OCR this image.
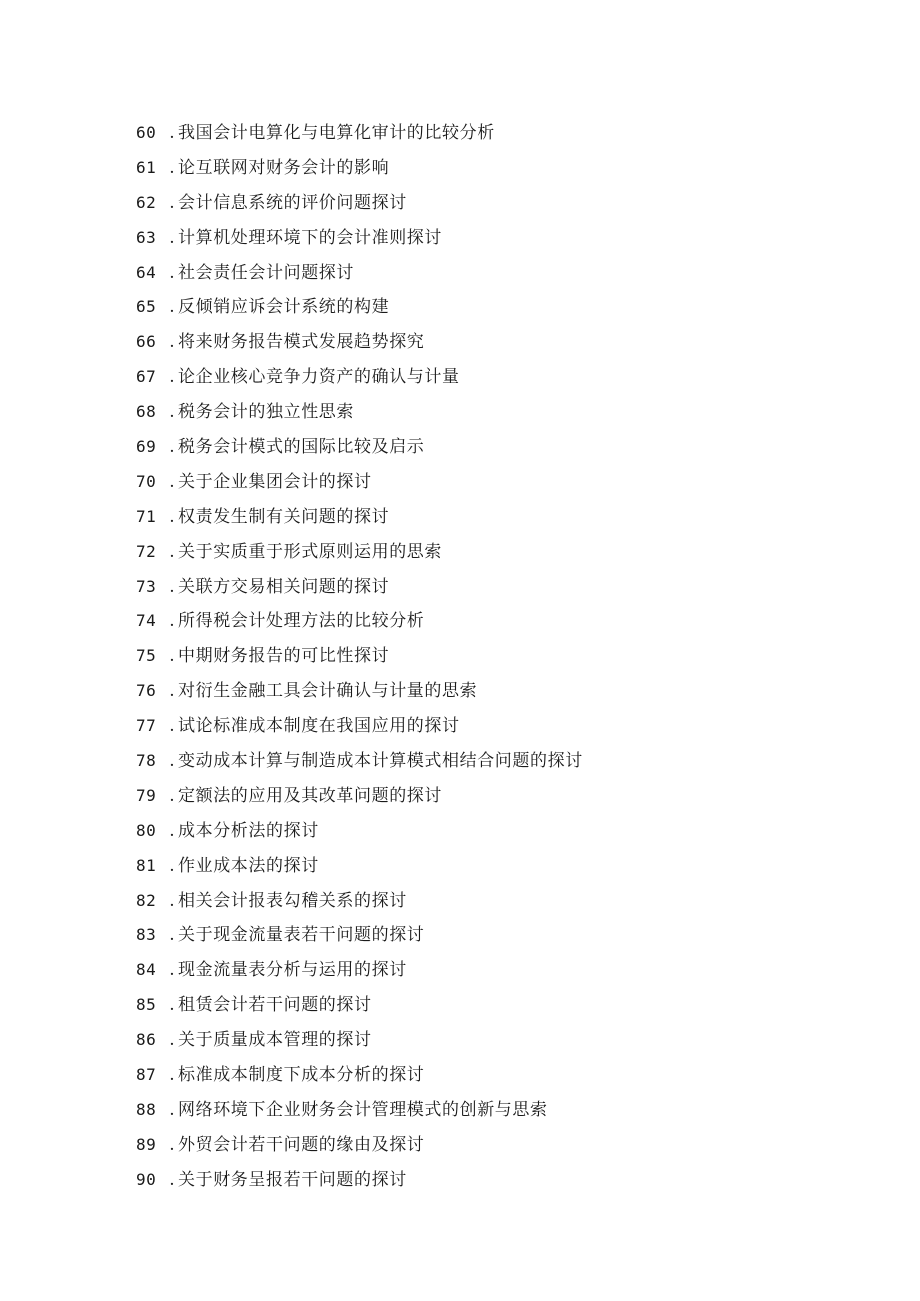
60 . 我国会计电算化与电算化审计的比较分析
61 . 论互联网对财务会计的影响
62 . 会计信息系统的评价问题探讨
63 . 计算机处理环境下的会计准则探讨
64 . 社会责任会计问题探讨
65 . 反倾销应诉会计系统的构建
66 . 将来财务报告模式发展趋势探究
67 . 论企业核心竞争力资产的确认与计量
68 . 税务会计的独立性思索
69 . 税务会计模式的国际比较及启示
70 . 关于企业集团会计的探讨
71 . 权责发生制有关问题的探讨
72 . 关于实质重于形式原则运用的思索
73 . 关联方交易相关问题的探讨
74 . 所得税会计处理方法的比较分析
75 . 中期财务报告的可比性探讨
76 . 对衍生金融工具会计确认与计量的思索
77 . 试论标准成本制度在我国应用的探讨
78 . 变动成本计算与制造成本计算模式相结合问题的探讨
79 . 定额法的应用及其改革问题的探讨
80 . 成本分析法的探讨
81 . 作业成本法的探讨
82 . 相关会计报表勾稽关系的探讨
83 . 关于现金流量表若干问题的探讨
84 . 现金流量表分析与运用的探讨
85 . 租赁会计若干问题的探讨
86 . 关于质量成本管理的探讨
87 . 标准成本制度下成本分析的探讨
88 . 网络环境下企业财务会计管理模式的创新与思索
89 . 外贸会计若干问题的缘由及探讨
90 . 关于财务呈报若干问题的探讨
